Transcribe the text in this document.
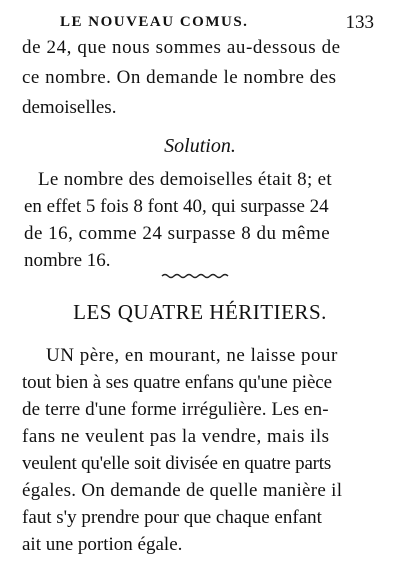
LE NOUVEAU COMUS.	133
de 24, que nous sommes au-dessous de
ce nombre. On demande le nombre des
demoiselles.
Solution.
Le nombre des demoiselles était 8; et
en effet 5 fois 8 font 40, qui surpasse 24
de 16, comme 24 surpasse 8 du même
nombre 16.
LES QUATRE HÉRITIERS.
UN père, en mourant, ne laisse pour
tout bien à ses quatre enfans qu'une pièce
de terre d'une forme irrégulière. Les en-
fans ne veulent pas la vendre, mais ils
veulent qu'elle soit divisée en quatre parts
égales. On demande de quelle manière il
faut s'y prendre pour que chaque enfant
ait une portion égale.
